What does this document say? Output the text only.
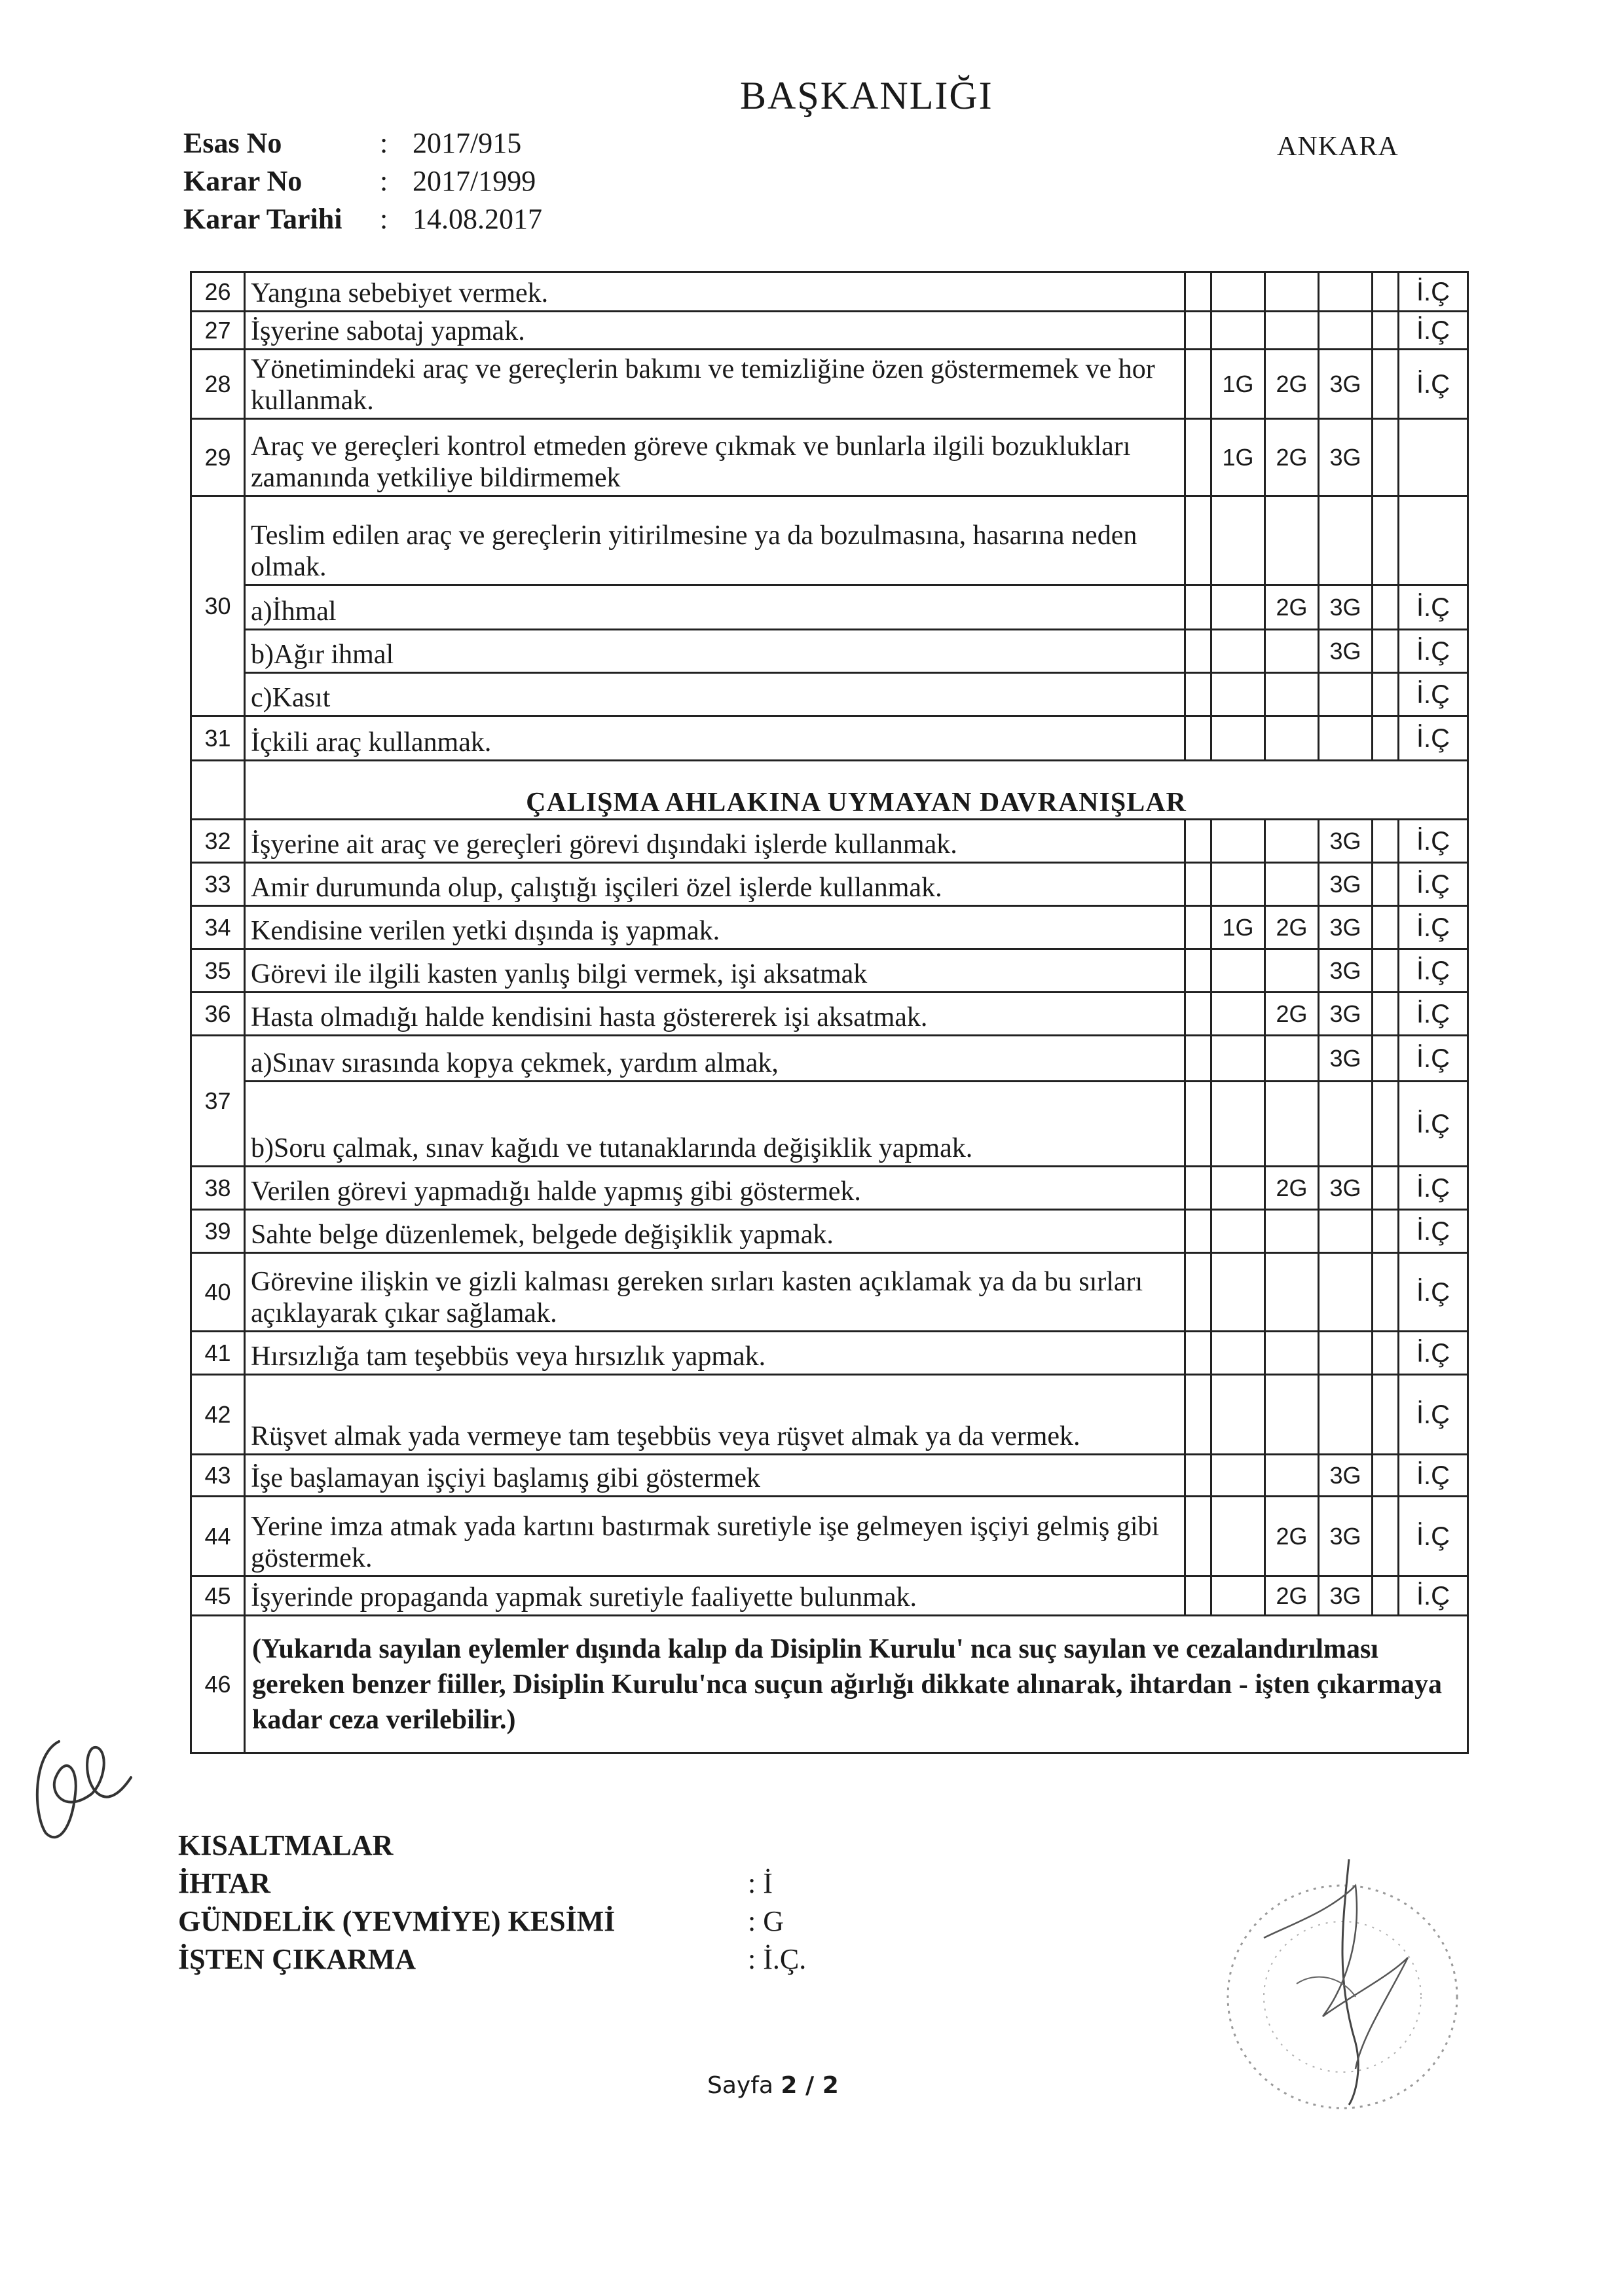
BAŞKANLIĞI
Esas No	: 2017/915
Karar No	: 2017/1999
Karar Tarihi	: 14.08.2017
ANKARA
26	Yangına sebebiyet vermek.						İ.Ç
27	İşyerine sabotaj yapmak.						İ.Ç
28	Yönetimindeki araç ve gereçlerin bakımı ve temizliğine özen göstermemek ve hor kullanmak.		1G	2G	3G		İ.Ç
29	Araç ve gereçleri kontrol etmeden göreve çıkmak ve bunlarla ilgili bozuklukları zamanında yetkiliye bildirmemek		1G	2G	3G		
30	Teslim edilen araç ve gereçlerin yitirilmesine ya da bozulmasına, hasarına neden olmak.						
	a)İhmal			2G	3G		İ.Ç
	b)Ağır ihmal				3G		İ.Ç
	c)Kasıt						İ.Ç
31	İçkili araç kullanmak.						İ.Ç
	ÇALIŞMA AHLAKINA UYMAYAN DAVRANIŞLAR						
32	İşyerine ait araç ve gereçleri görevi dışındaki işlerde kullanmak.				3G		İ.Ç
33	Amir durumunda olup, çalıştığı işçileri özel işlerde kullanmak.				3G		İ.Ç
34	Kendisine verilen yetki dışında iş yapmak.		1G	2G	3G		İ.Ç
35	Görevi ile ilgili kasten yanlış bilgi vermek, işi aksatmak				3G		İ.Ç
36	Hasta olmadığı halde kendisini hasta göstererek işi aksatmak.			2G	3G		İ.Ç
37	a)Sınav sırasında kopya çekmek, yardım almak,				3G		İ.Ç
	b)Soru çalmak, sınav kağıdı ve tutanaklarında değişiklik yapmak.						İ.Ç
38	Verilen görevi yapmadığı halde yapmış gibi göstermek.			2G	3G		İ.Ç
39	Sahte belge düzenlemek, belgede değişiklik yapmak.						İ.Ç
40	Görevine ilişkin ve gizli kalması gereken sırları kasten açıklamak ya da bu sırları açıklayarak çıkar sağlamak.						İ.Ç
41	Hırsızlığa tam teşebbüs veya hırsızlık yapmak.						İ.Ç
42	Rüşvet almak yada vermeye tam teşebbüs veya rüşvet almak ya da vermek.						İ.Ç
43	İşe başlamayan işçiyi başlamış gibi göstermek				3G		İ.Ç
44	Yerine imza atmak yada kartını bastırmak suretiyle işe gelmeyen işçiyi gelmiş gibi göstermek.			2G	3G		İ.Ç
45	İşyerinde propaganda yapmak suretiyle faaliyette bulunmak.			2G	3G		İ.Ç
46	(Yukarıda sayılan eylemler dışında kalıp da Disiplin Kurulu' nca suç sayılan ve cezalandırılması gereken benzer fiiller, Disiplin Kurulu'nca suçun ağırlığı dikkate alınarak, ihtardan - işten çıkarmaya kadar ceza verilebilir.)						
KISALTMALAR
İHTAR	: İ
GÜNDELİK (YEVMİYE) KESİMİ	: G
İŞTEN ÇIKARMA	: İ.Ç.
Sayfa 2 / 2
